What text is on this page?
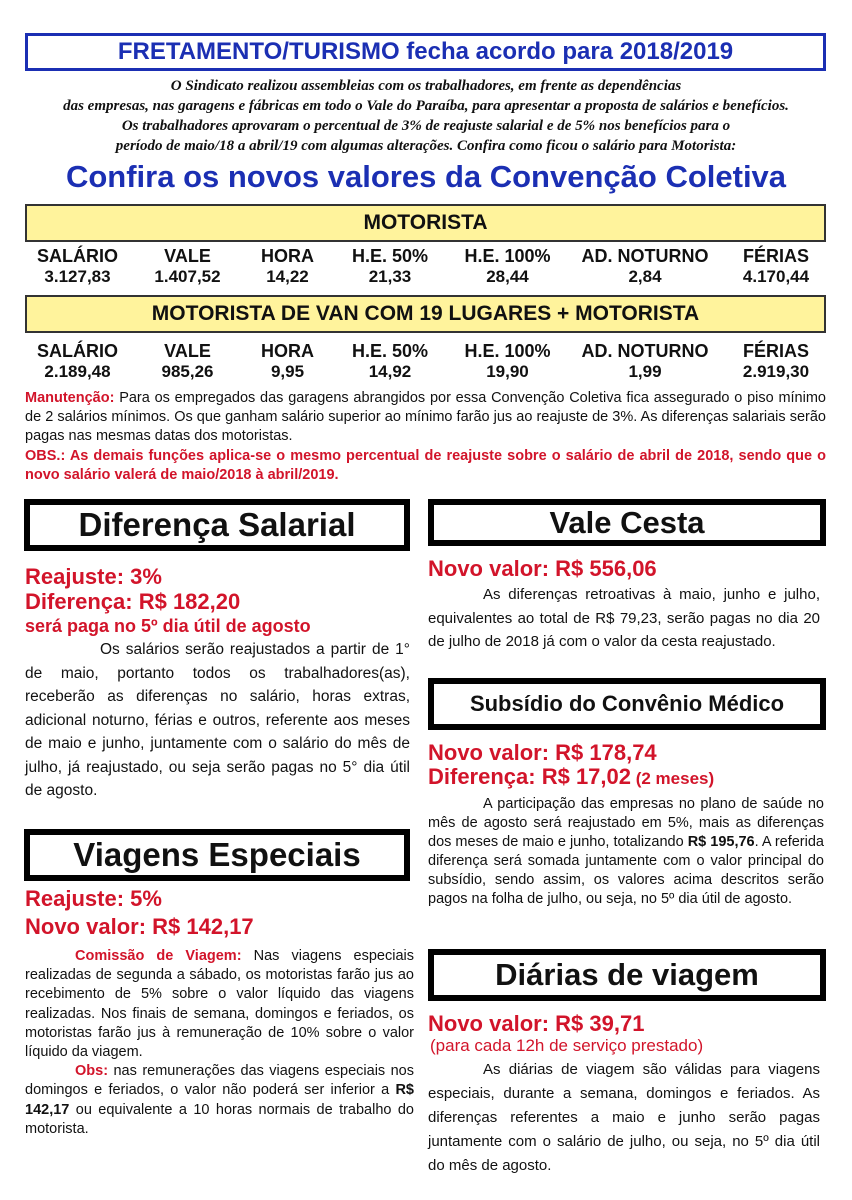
FRETAMENTO/TURISMO fecha acordo para 2018/2019
O Sindicato realizou assembleias com os trabalhadores, em frente as dependências
das empresas, nas garagens e fábricas em todo o Vale do Paraíba, para apresentar a proposta de salários e benefícios.
Os trabalhadores aprovaram o percentual de 3% de reajuste salarial e de 5% nos benefícios para o
período de maio/18 a abril/19 com algumas alterações. Confira como ficou o salário para Motorista:
Confira os novos valores da Convenção Coletiva
MOTORISTA
SALÁRIO
3.127,83
VALE
1.407,52
HORA
14,22
H.E. 50%
21,33
H.E. 100%
28,44
AD. NOTURNO
2,84
FÉRIAS
4.170,44
MOTORISTA DE VAN COM 19 LUGARES + MOTORISTA
SALÁRIO
2.189,48
VALE
985,26
HORA
9,95
H.E. 50%
14,92
H.E. 100%
19,90
AD. NOTURNO
1,99
FÉRIAS
2.919,30
Manutenção: Para os empregados das garagens abrangidos por essa Convenção Coletiva fica assegurado o piso mínimo de 2 salários mínimos. Os que ganham salário superior ao mínimo farão jus ao reajuste de 3%. As diferenças salariais serão pagas nas mesmas datas dos motoristas.
OBS.: As demais funções aplica-se o mesmo percentual de reajuste sobre o salário de abril de 2018, sendo que o novo salário valerá de maio/2018 à abril/2019.
Diferença Salarial
Reajuste: 3%
Diferença: R$ 182,20
será paga no 5º dia útil de agosto
Os salários serão reajustados a partir de 1° de maio, portanto todos os trabalhadores(as), receberão as diferenças no salário, horas extras, adicional noturno, férias e outros, referente aos meses de maio e junho, juntamente com o salário do mês de julho, já reajustado, ou seja serão pagas no 5° dia útil de agosto.
Viagens Especiais
Reajuste: 5%
Novo valor: R$ 142,17
Comissão de Viagem: Nas viagens especiais realizadas de segunda a sábado, os motoristas farão jus ao recebimento de 5% sobre o valor líquido das viagens realizadas. Nos finais de semana, domingos e feriados, os motoristas farão jus à remuneração de 10% sobre o valor líquido da viagem.
Obs: nas remunerações das viagens especiais nos domingos e feriados, o valor não poderá ser inferior a R$ 142,17 ou equivalente a 10 horas normais de trabalho do motorista.
Vale Cesta
Novo valor: R$ 556,06
As diferenças retroativas à maio, junho e julho, equivalentes ao total de R$ 79,23, serão pagas no dia 20 de julho de 2018 já com o valor da cesta reajustado.
Subsídio do Convênio Médico
Novo valor: R$ 178,74
Diferença: R$ 17,02 (2 meses)
A participação das empresas no plano de saúde no mês de agosto será reajustado em 5%, mais as diferenças dos meses de maio e junho, totalizando R$ 195,76. A referida diferença será somada juntamente com o valor principal do subsídio, sendo assim, os valores acima descritos serão pagos na folha de julho, ou seja, no 5º dia útil de agosto.
Diárias de viagem
Novo valor: R$ 39,71
(para cada 12h de serviço prestado)
As diárias de viagem são válidas para viagens especiais, durante a semana, domingos e feriados. As diferenças referentes a maio e junho serão pagas juntamente com o salário de julho, ou seja, no 5º dia útil do mês de agosto.
